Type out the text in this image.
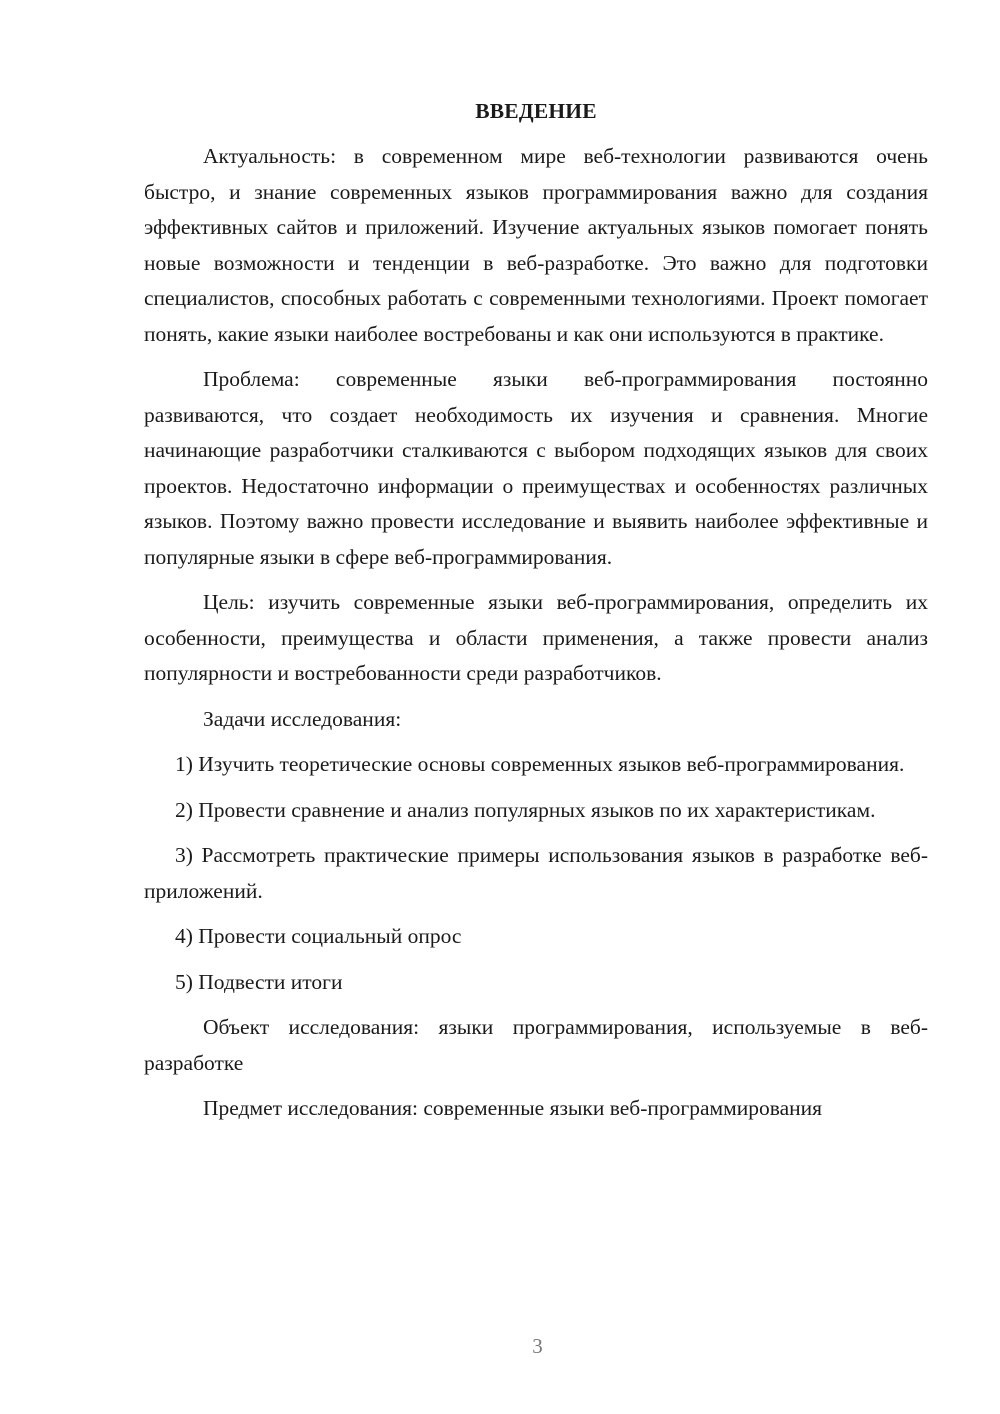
ВВЕДЕНИЕ

Актуальность: в современном мире веб-технологии развиваются очень быстро, и знание современных языков программирования важно для создания эффективных сайтов и приложений. Изучение актуальных языков помогает понять новые возможности и тенденции в веб-разработке. Это важно для подготовки специалистов, способных работать с современными технологиями. Проект помогает понять, какие языки наиболее востребованы и как они используются в практике.

Проблема: современные языки веб-программирования постоянно развиваются, что создает необходимость их изучения и сравнения. Многие начинающие разработчики сталкиваются с выбором подходящих языков для своих проектов. Недостаточно информации о преимуществах и особенностях различных языков. Поэтому важно провести исследование и выявить наиболее эффективные и популярные языки в сфере веб-программирования.

Цель: изучить современные языки веб-программирования, определить их особенности, преимущества и области применения, а также провести анализ популярности и востребованности среди разработчиков.

Задачи исследования:

1) Изучить теоретические основы современных языков веб-программирования.

2) Провести сравнение и анализ популярных языков по их характеристикам.

3) Рассмотреть практические примеры использования языков в разработке веб-приложений.

4) Провести социальный опрос

5) Подвести итоги

Объект исследования: языки программирования, используемые в веб-разработке

Предмет исследования: современные языки веб-программирования

3
